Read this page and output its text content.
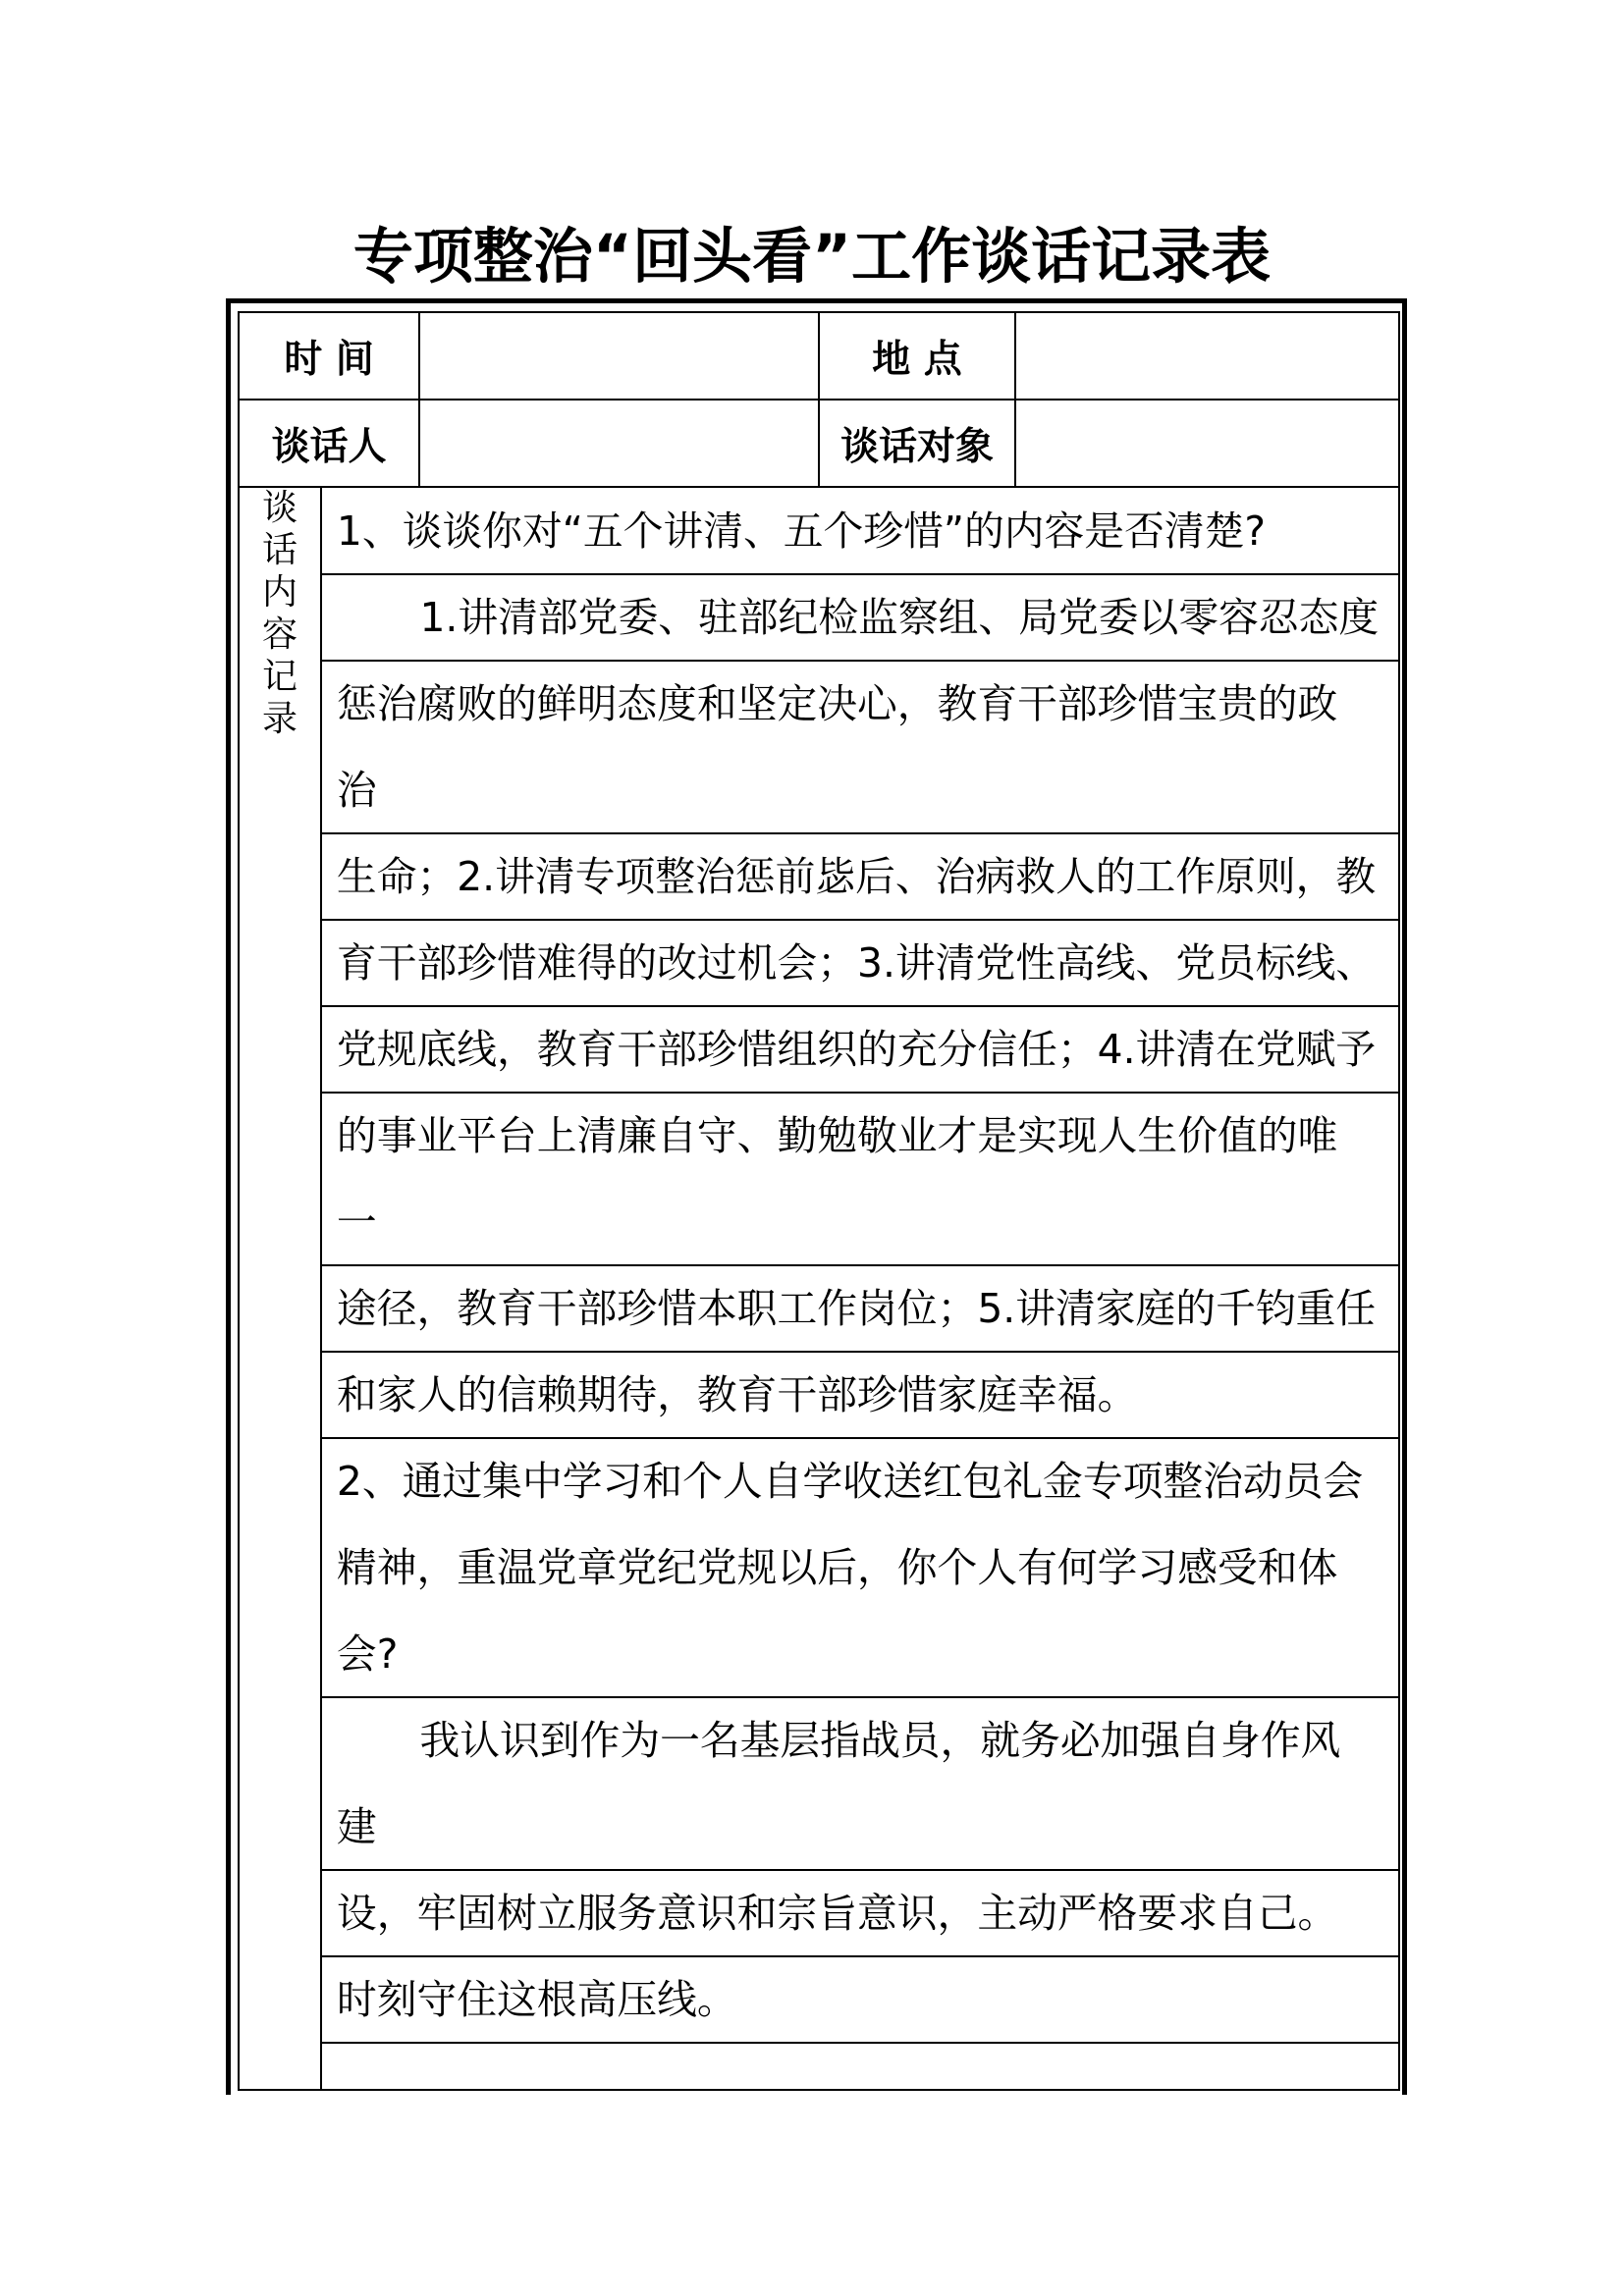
专项整治“回头看”工作谈话记录表
时 间	地 点
谈话人	谈话对象
谈
话
内
容
记
录
1、谈谈你对“五个讲清、五个珍惜”的内容是否清楚?
1.讲清部党委、驻部纪检监察组、局党委以零容忍态度
惩治腐败的鲜明态度和坚定决心，教育干部珍惜宝贵的政
治
生命；2.讲清专项整治惩前毖后、治病救人的工作原则，教
育干部珍惜难得的改过机会；3.讲清党性高线、党员标线、
党规底线，教育干部珍惜组织的充分信任；4.讲清在党赋予
的事业平台上清廉自守、勤勉敬业才是实现人生价值的唯
一
途径，教育干部珍惜本职工作岗位；5.讲清家庭的千钧重任
和家人的信赖期待，教育干部珍惜家庭幸福。
2、通过集中学习和个人自学收送红包礼金专项整治动员会
精神，重温党章党纪党规以后，你个人有何学习感受和体
会?
我认识到作为一名基层指战员，就务必加强自身作风
建
设，牢固树立服务意识和宗旨意识，主动严格要求自己。
时刻守住这根高压线。
